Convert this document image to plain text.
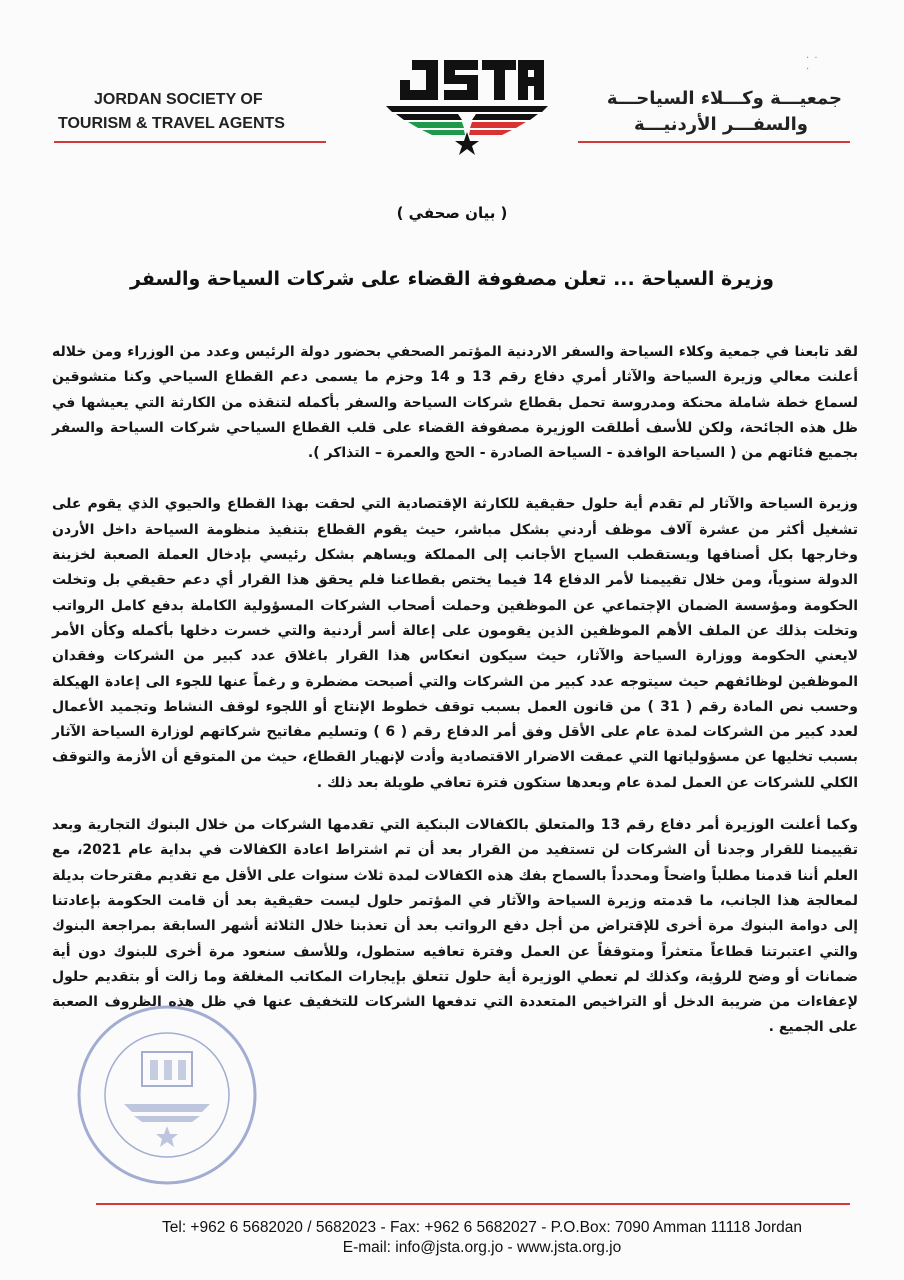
JORDAN SOCIETY OF
TOURISM & TRAVEL AGENTS
· ·
·
جمعيـــة وكـــلاء السياحـــة
والسفـــر الأردنيـــة
( بيان صحفي )
وزيرة السياحة ... تعلن مصفوفة القضاء على شركات السياحة والسفر

لقد تابعنا في جمعية وكلاء السياحة والسفر الاردنية المؤتمر الصحفي بحضور دولة الرئيس وعدد من الوزراء ومن خلاله أعلنت معالي وزيرة السياحة والآثار أمري دفاع رقم 13 و 14 وحزم ما يسمى دعم القطاع السياحي وكنا متشوقين لسماع خطة شاملة محنكة ومدروسة تحمل بقطاع شركات السياحة والسفر بأكمله لتنقذه من الكارثة التي يعيشها في ظل هذه الجائحة، ولكن للأسف أطلقت الوزيرة مصفوفة القضاء على قلب القطاع السياحي شركات السياحة والسفر بجميع فئاتهم من ( السياحة الوافدة - السياحة الصادرة - الحج والعمرة – التذاكر ).

وزيرة السياحة والآثار لم تقدم أية حلول حقيقية للكارثة الإقتصادية التي لحقت بهذا القطاع والحيوي الذي يقوم على تشغيل أكثر من عشرة آلاف موظف أردني بشكل مباشر، حيث يقوم القطاع بتنفيذ منظومة السياحة داخل الأردن وخارجها بكل أصنافها ويستقطب السياح الأجانب إلى المملكة ويساهم بشكل رئيسي بإدخال العملة الصعبة لخزينة الدولة سنوياً، ومن خلال تقييمنا لأمر الدفاع 14 فيما يختص بقطاعنا فلم يحقق هذا القرار أي دعم حقيقي بل وتخلت الحكومة ومؤسسة الضمان الإجتماعي عن الموظفين وحملت أصحاب الشركات المسؤولية الكاملة بدفع كامل الرواتب وتخلت بذلك عن الملف الأهم الموظفين الذين يقومون على إعالة أسر أردنية والتي خسرت دخلها بأكمله وكأن الأمر لايعني الحكومة ووزارة السياحة والآثار، حيث سيكون انعكاس هذا القرار باغلاق عدد كبير من الشركات وفقدان الموظفين لوظائفهم حيث سيتوجه عدد كبير من الشركات والتي أصبحت مضطرة و رغماً عنها للجوء الى إعادة الهيكلة وحسب نص المادة رقم ( 31 ) من قانون العمل بسبب توقف خطوط الإنتاج أو اللجوء لوقف النشاط وتجميد الأعمال لعدد كبير من الشركات لمدة عام على الأقل وفق أمر الدفاع رقم ( 6 ) وتسليم مفاتيح شركاتهم لوزارة السياحة الآثار بسبب تخليها عن مسؤولياتها التي عمقت الاضرار الاقتصادية وأدت لإنهيار القطاع، حيث من المتوقع أن الأزمة والتوقف الكلي للشركات عن العمل لمدة عام وبعدها ستكون فترة تعافي طويلة بعد ذلك .

وكما أعلنت الوزيرة أمر دفاع رقم 13 والمتعلق بالكفالات البنكية التي تقدمها الشركات من خلال البنوك التجارية وبعد تقييمنا للقرار وجدنا أن الشركات لن تستفيد من القرار بعد أن تم اشتراط اعادة الكفالات في بداية عام 2021، مع العلم أننا قدمنا مطلباً واضحاً ومحدداً بالسماح بفك هذه الكفالات لمدة ثلاث سنوات على الأقل مع تقديم مقترحات بديلة لمعالجة هذا الجانب، ما قدمته وزيرة السياحة والآثار في المؤتمر حلول ليست حقيقية بعد أن قامت الحكومة بإعادتنا إلى دوامة البنوك مرة أخرى للإقتراض من أجل دفع الرواتب بعد أن تعذبنا خلال الثلاثة أشهر السابقة بمراجعة البنوك والتي اعتبرتنا قطاعاً متعثراً ومتوقفاً عن العمل وفترة تعافيه ستطول، وللأسف سنعود مرة أخرى للبنوك دون أية ضمانات أو وضح للرؤية، وكذلك لم تعطي الوزيرة أية حلول تتعلق بإيجارات المكاتب المغلقة وما زالت أو بتقديم حلول لإعفاءات من ضريبة الدخل أو التراخيص المتعددة التي تدفعها الشركات للتخفيف عنها في ظل هذه الظروف الصعبة على الجميع .

Tel: +962 6 5682020 / 5682023 - Fax: +962 6 5682027 - P.O.Box: 7090 Amman 11118 Jordan
E-mail: info@jsta.org.jo - www.jsta.org.jo
